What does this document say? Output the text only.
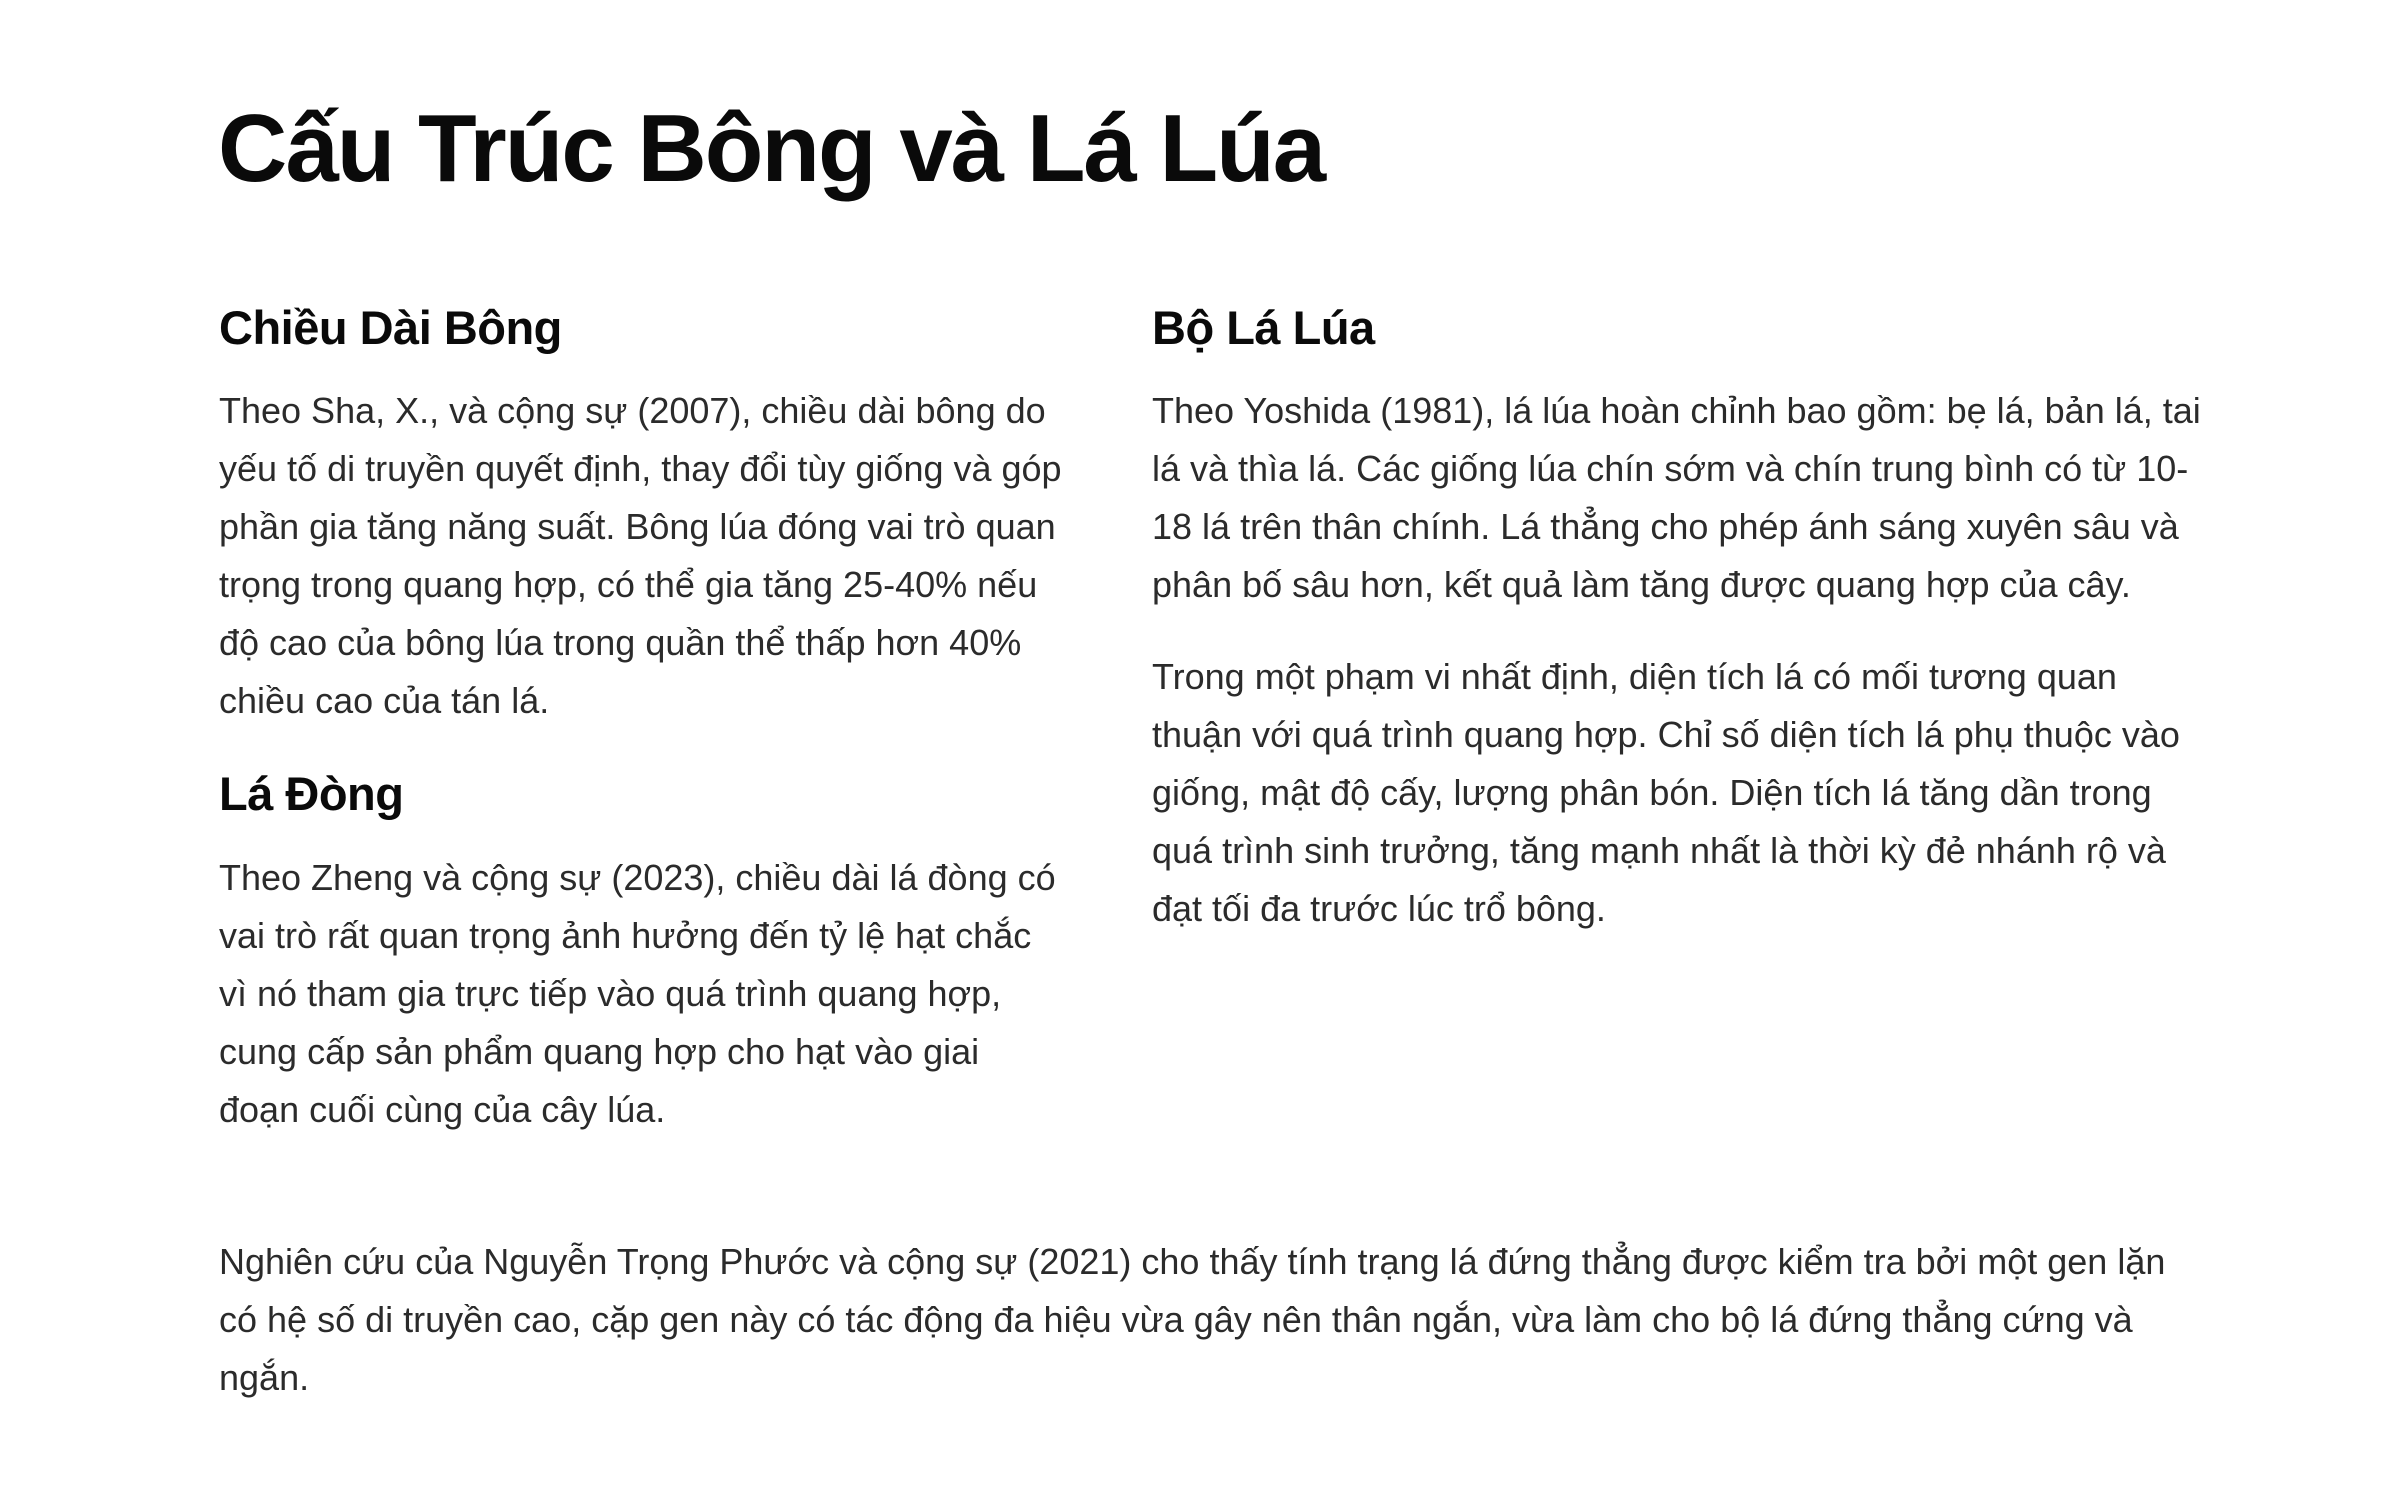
Cấu Trúc Bông và Lá Lúa
Chiều Dài Bông

Theo Sha, X., và cộng sự (2007), chiều dài bông do yếu tố di truyền quyết định, thay đổi tùy giống và góp phần gia tăng năng suất. Bông lúa đóng vai trò quan trọng trong quang hợp, có thể gia tăng 25-40% nếu độ cao của bông lúa trong quần thể thấp hơn 40% chiều cao của tán lá.

Lá Đòng

Theo Zheng và cộng sự (2023), chiều dài lá đòng có vai trò rất quan trọng ảnh hưởng đến tỷ lệ hạt chắc vì nó tham gia trực tiếp vào quá trình quang hợp, cung cấp sản phẩm quang hợp cho hạt vào giai đoạn cuối cùng của cây lúa.

Bộ Lá Lúa

Theo Yoshida (1981), lá lúa hoàn chỉnh bao gồm: bẹ lá, bản lá, tai lá và thìa lá. Các giống lúa chín sớm và chín trung bình có từ 10-18 lá trên thân chính. Lá thẳng cho phép ánh sáng xuyên sâu và phân bố sâu hơn, kết quả làm tăng được quang hợp của cây.

Trong một phạm vi nhất định, diện tích lá có mối tương quan thuận với quá trình quang hợp. Chỉ số diện tích lá phụ thuộc vào giống, mật độ cấy, lượng phân bón. Diện tích lá tăng dần trong quá trình sinh trưởng, tăng mạnh nhất là thời kỳ đẻ nhánh rộ và đạt tối đa trước lúc trổ bông.

Nghiên cứu của Nguyễn Trọng Phước và cộng sự (2021) cho thấy tính trạng lá đứng thẳng được kiểm tra bởi một gen lặn có hệ số di truyền cao, cặp gen này có tác động đa hiệu vừa gây nên thân ngắn, vừa làm cho bộ lá đứng thẳng cứng và ngắn.
